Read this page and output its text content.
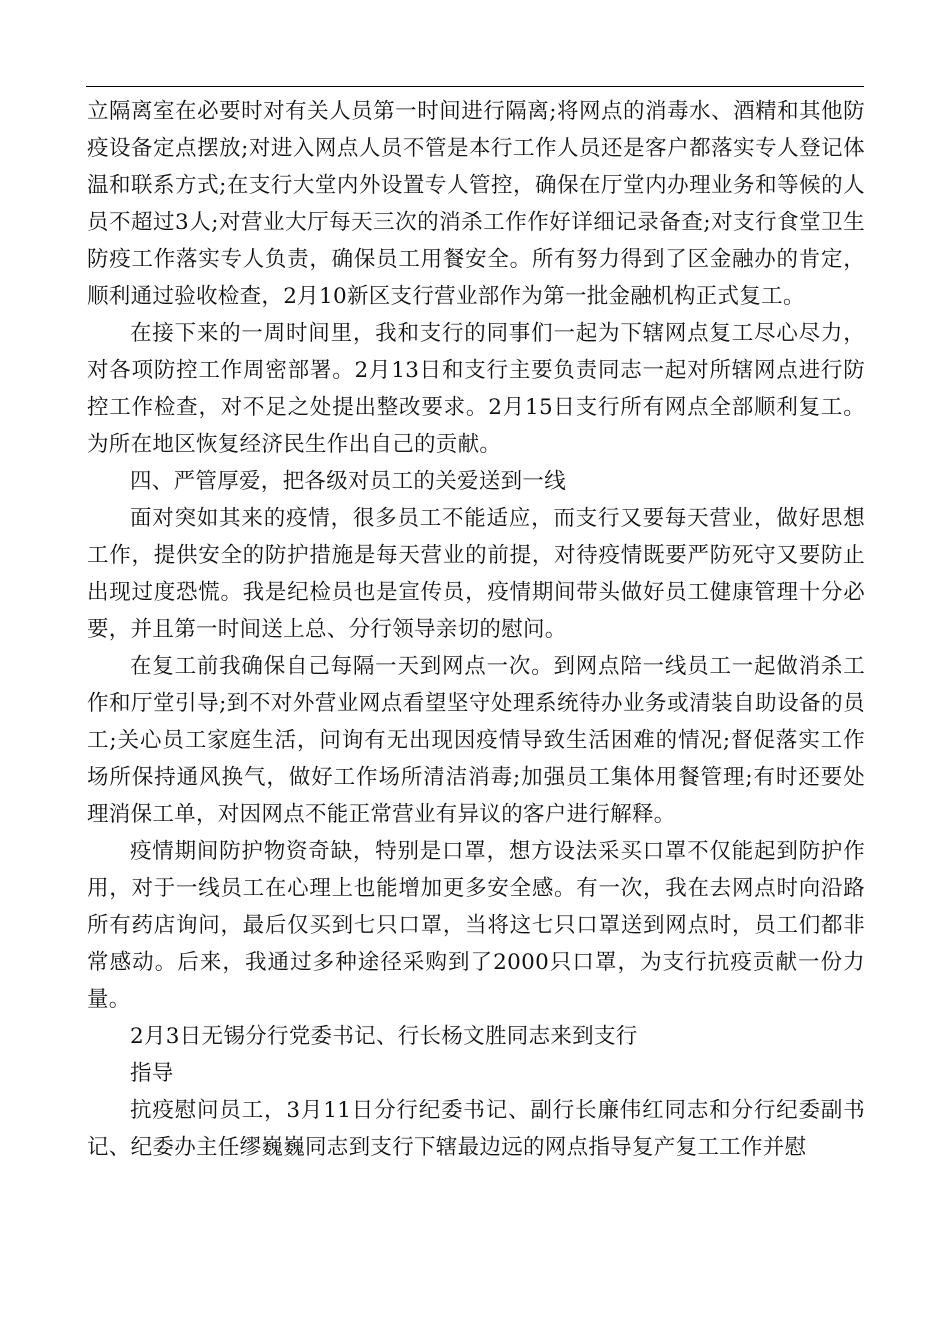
立隔离室在必要时对有关人员第一时间进行隔离;将网点的消毒水、酒精和其他防疫设备定点摆放;对进入网点人员不管是本行工作人员还是客户都落实专人登记体温和联系方式;在支行大堂内外设置专人管控，确保在厅堂内办理业务和等候的人员不超过3人;对营业大厅每天三次的消杀工作作好详细记录备查;对支行食堂卫生防疫工作落实专人负责，确保员工用餐安全。所有努力得到了区金融办的肯定，顺利通过验收检查，2月10新区支行营业部作为第一批金融机构正式复工。

在接下来的一周时间里，我和支行的同事们一起为下辖网点复工尽心尽力，对各项防控工作周密部署。2月13日和支行主要负责同志一起对所辖网点进行防控工作检查，对不足之处提出整改要求。2月15日支行所有网点全部顺利复工。为所在地区恢复经济民生作出自己的贡献。

四、严管厚爱，把各级对员工的关爱送到一线

面对突如其来的疫情，很多员工不能适应，而支行又要每天营业，做好思想工作，提供安全的防护措施是每天营业的前提，对待疫情既要严防死守又要防止出现过度恐慌。我是纪检员也是宣传员，疫情期间带头做好员工健康管理十分必要，并且第一时间送上总、分行领导亲切的慰问。

在复工前我确保自己每隔一天到网点一次。到网点陪一线员工一起做消杀工作和厅堂引导;到不对外营业网点看望坚守处理系统待办业务或清装自助设备的员工;关心员工家庭生活，问询有无出现因疫情导致生活困难的情况;督促落实工作场所保持通风换气，做好工作场所清洁消毒;加强员工集体用餐管理;有时还要处理消保工单，对因网点不能正常营业有异议的客户进行解释。

疫情期间防护物资奇缺，特别是口罩，想方设法采买口罩不仅能起到防护作用，对于一线员工在心理上也能增加更多安全感。有一次，我在去网点时向沿路所有药店询问，最后仅买到七只口罩，当将这七只口罩送到网点时，员工们都非常感动。后来，我通过多种途径采购到了2000只口罩，为支行抗疫贡献一份力量。

2月3日无锡分行党委书记、行长杨文胜同志来到支行

指导

抗疫慰问员工，3月11日分行纪委书记、副行长廉伟红同志和分行纪委副书记、纪委办主任缪巍巍同志到支行下辖最边远的网点指导复产复工工作并慰
